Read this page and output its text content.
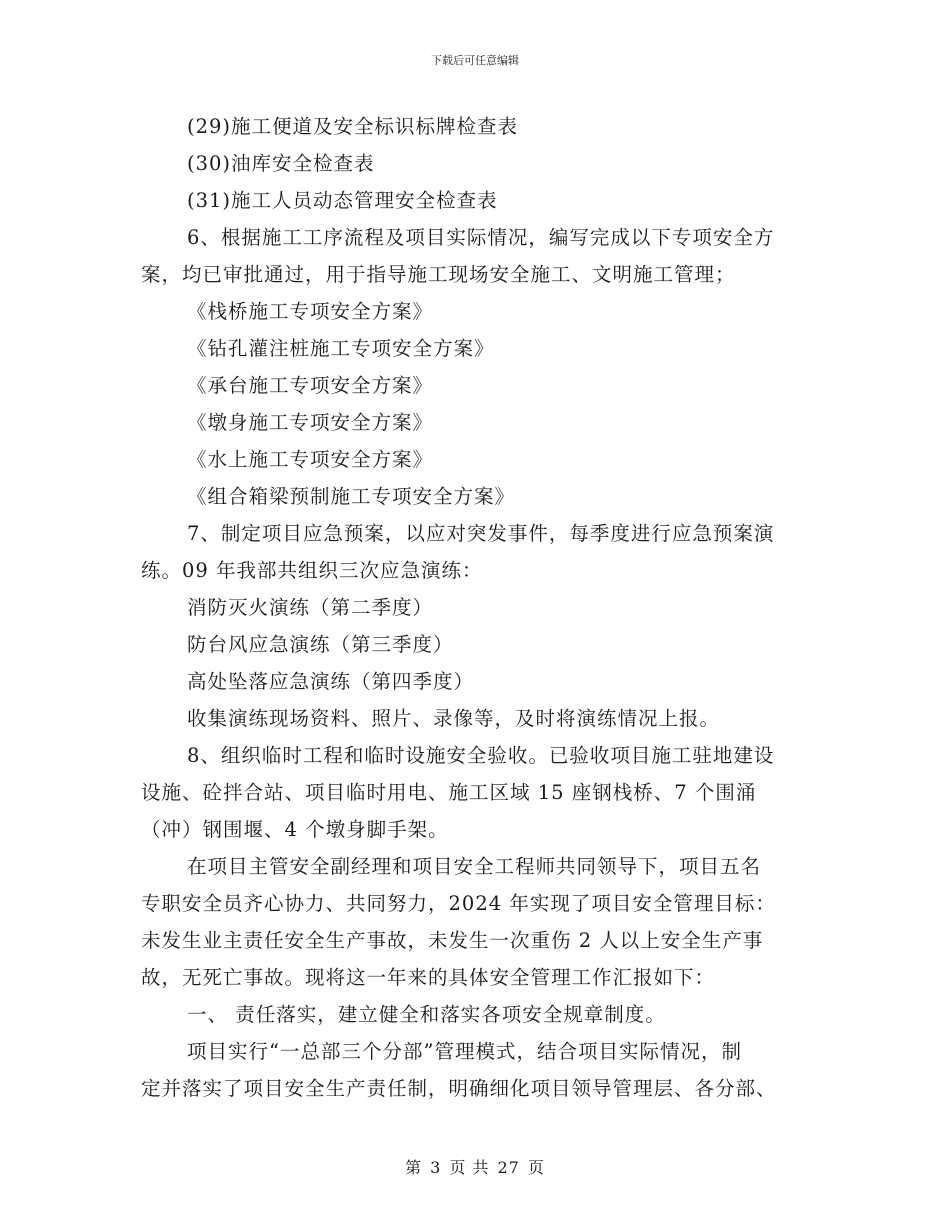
下载后可任意编辑
(29)施工便道及安全标识标牌检查表
(30)油库安全检查表
(31)施工人员动态管理安全检查表
6、根据施工工序流程及项目实际情况，编写完成以下专项安全方
案，均已审批通过，用于指导施工现场安全施工、文明施工管理；
《栈桥施工专项安全方案》
《钻孔灌注桩施工专项安全方案》
《承台施工专项安全方案》
《墩身施工专项安全方案》
《水上施工专项安全方案》
《组合箱梁预制施工专项安全方案》
7、制定项目应急预案，以应对突发事件，每季度进行应急预案演
练。09 年我部共组织三次应急演练：
消防灭火演练（第二季度）
防台风应急演练（第三季度）
高处坠落应急演练（第四季度）
收集演练现场资料、照片、录像等，及时将演练情况上报。
8、组织临时工程和临时设施安全验收。已验收项目施工驻地建设
设施、砼拌合站、项目临时用电、施工区域 15 座钢栈桥、7 个围涌
（冲）钢围堰、4 个墩身脚手架。
在项目主管安全副经理和项目安全工程师共同领导下，项目五名
专职安全员齐心协力、共同努力，2024 年实现了项目安全管理目标：
未发生业主责任安全生产事故，未发生一次重伤 2 人以上安全生产事
故，无死亡事故。现将这一年来的具体安全管理工作汇报如下：
一、 责任落实，建立健全和落实各项安全规章制度。
项目实行“一总部三个分部”管理模式，结合项目实际情况，制
定并落实了项目安全生产责任制，明确细化项目领导管理层、各分部、
第 3 页 共 27 页
